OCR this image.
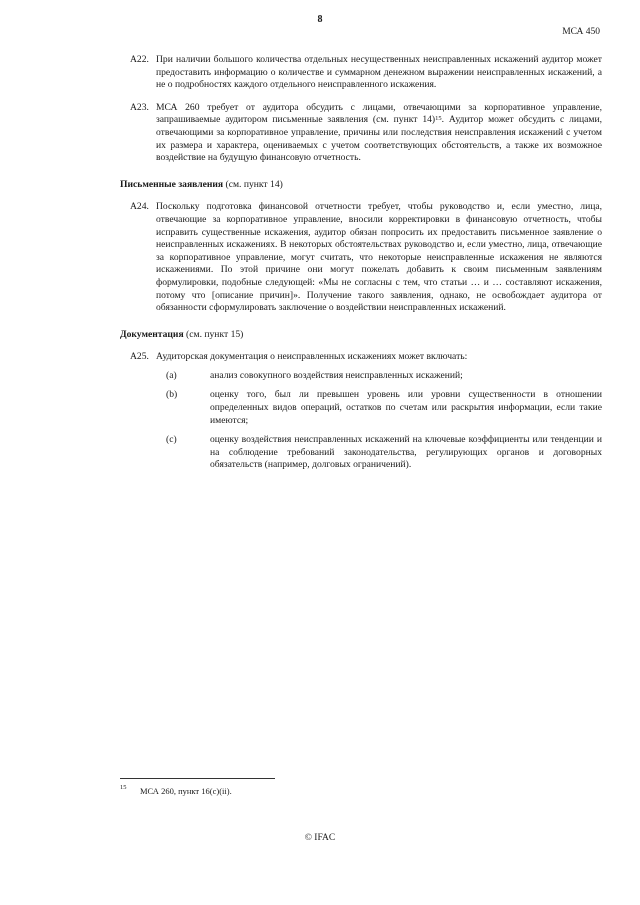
8
МСА 450
A22. При наличии большого количества отдельных несущественных неисправленных искажений аудитор может предоставить информацию о количестве и суммарном денежном выражении неисправленных искажений, а не о подробностях каждого отдельного неисправленного искажения.
A23. МСА 260 требует от аудитора обсудить с лицами, отвечающими за корпоративное управление, запрашиваемые аудитором письменные заявления (см. пункт 14)$^{15}$. Аудитор может обсудить с лицами, отвечающими за корпоративное управление, причины или последствия неисправления искажений с учетом их размера и характера, оцениваемых с учетом соответствующих обстоятельств, а также их возможное воздействие на будущую финансовую отчетность.
Письменные заявления (см. пункт 14)
A24. Поскольку подготовка финансовой отчетности требует, чтобы руководство и, если уместно, лица, отвечающие за корпоративное управление, вносили корректировки в финансовую отчетность, чтобы исправить существенные искажения, аудитор обязан попросить их предоставить письменное заявление о неисправленных искажениях. В некоторых обстоятельствах руководство и, если уместно, лица, отвечающие за корпоративное управление, могут считать, что некоторые неисправленные искажения не являются искажениями. По этой причине они могут пожелать добавить к своим письменным заявлениям формулировки, подобные следующей: «Мы не согласны с тем, что статьи … и … составляют искажения, потому что [описание причин]». Получение такого заявления, однако, не освобождает аудитора от обязанности сформулировать заключение о воздействии неисправленных искажений.
Документация (см. пункт 15)
A25. Аудиторская документация о неисправленных искажениях может включать:
(a)	анализ совокупного воздействия неисправленных искажений;
(b)	оценку того, был ли превышен уровень или уровни существенности в отношении определенных видов операций, остатков по счетам или раскрытия информации, если такие имеются;
(c)	оценку воздействия неисправленных искажений на ключевые коэффициенты или тенденции и на соблюдение требований законодательства, регулирующих органов и договорных обязательств (например, долговых ограничений).
15 МСА 260, пункт 16(c)(ii).
© IFAC
